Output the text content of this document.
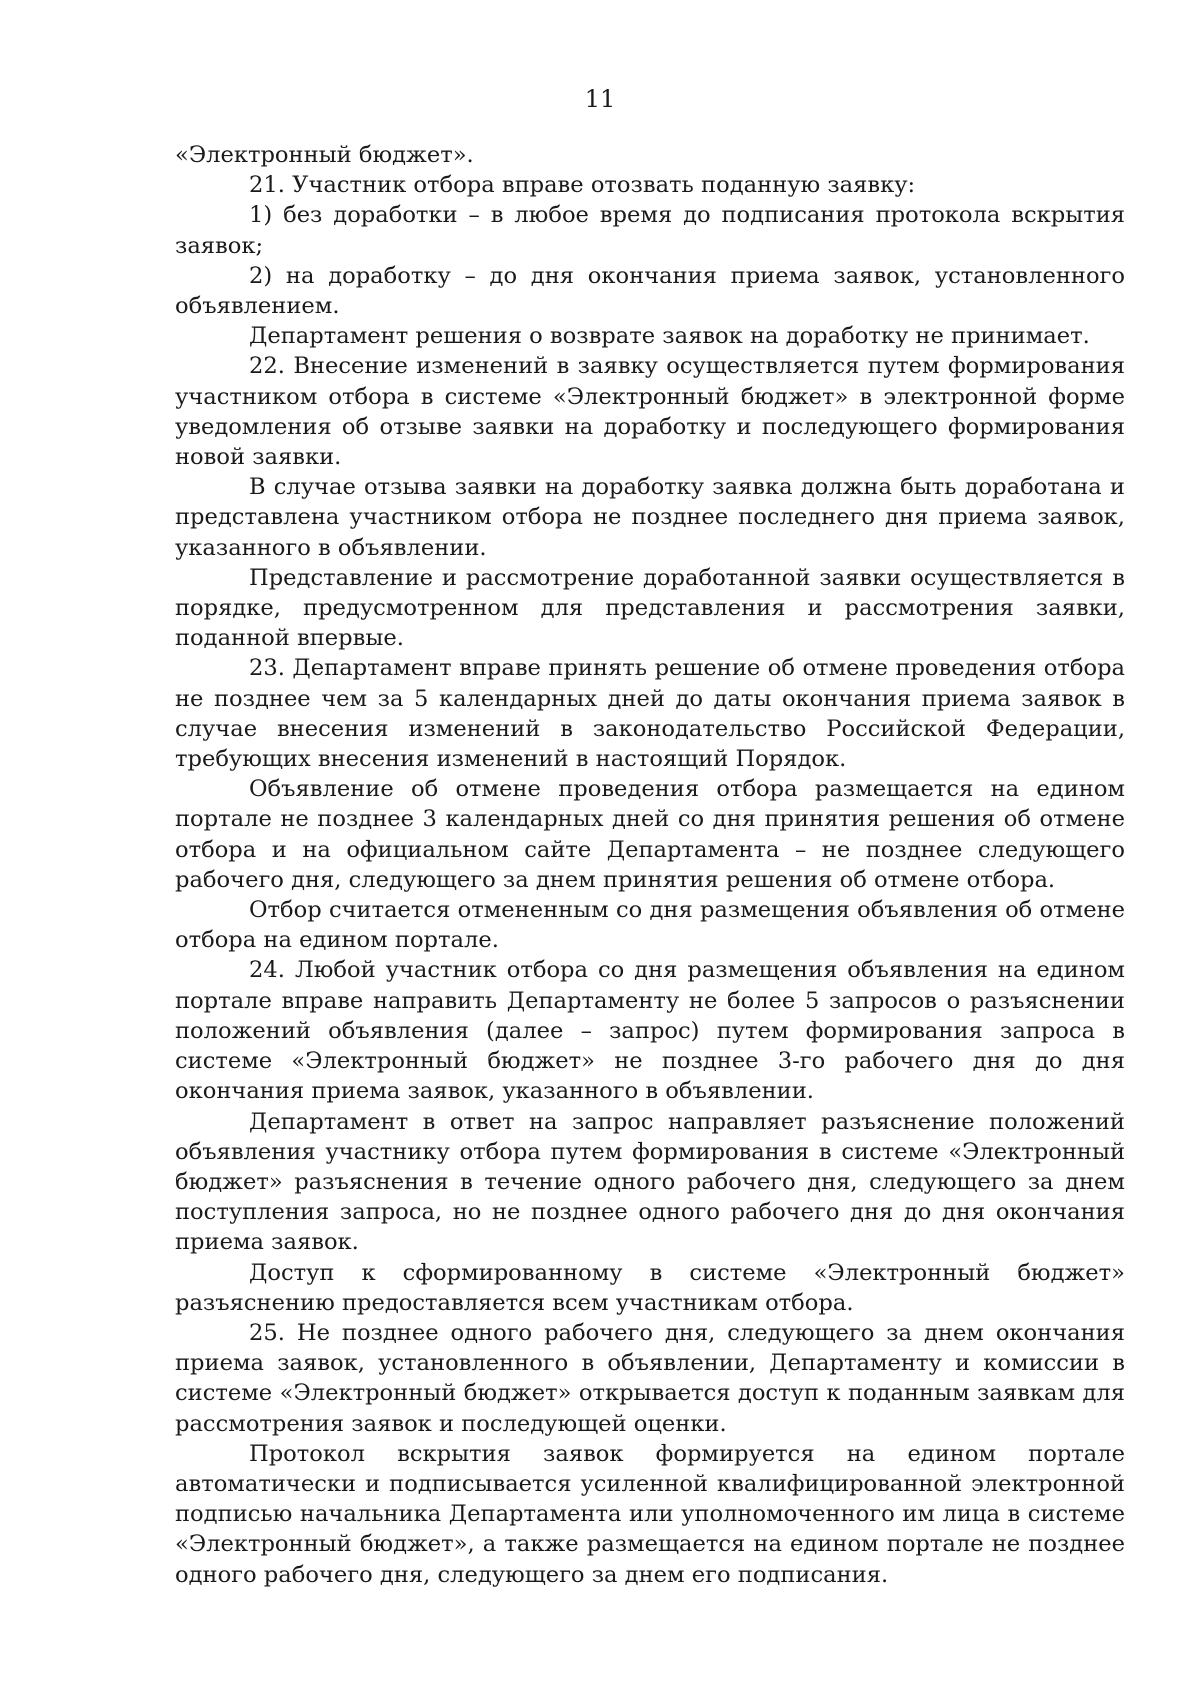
11

«Электронный бюджет».

21. Участник отбора вправе отозвать поданную заявку:

1) без доработки – в любое время до подписания протокола вскрытия заявок;

2) на доработку – до дня окончания приема заявок, установленного объявлением.

Департамент решения о возврате заявок на доработку не принимает.

22. Внесение изменений в заявку осуществляется путем формирования участником отбора в системе «Электронный бюджет» в электронной форме уведомления об отзыве заявки на доработку и последующего формирования новой заявки.

В случае отзыва заявки на доработку заявка должна быть доработана и представлена участником отбора не позднее последнего дня приема заявок, указанного в объявлении.

Представление и рассмотрение доработанной заявки осуществляется в порядке, предусмотренном для представления и рассмотрения заявки, поданной впервые.

23. Департамент вправе принять решение об отмене проведения отбора не позднее чем за 5 календарных дней до даты окончания приема заявок в случае внесения изменений в законодательство Российской Федерации, требующих внесения изменений в настоящий Порядок.

Объявление об отмене проведения отбора размещается на едином портале не позднее 3 календарных дней со дня принятия решения об отмене отбора и на официальном сайте Департамента – не позднее следующего рабочего дня, следующего за днем принятия решения об отмене отбора.

Отбор считается отмененным со дня размещения объявления об отмене отбора на едином портале.

24. Любой участник отбора со дня размещения объявления на едином портале вправе направить Департаменту не более 5 запросов о разъяснении положений объявления (далее – запрос) путем формирования запроса в системе «Электронный бюджет» не позднее 3-го рабочего дня до дня окончания приема заявок, указанного в объявлении.

Департамент в ответ на запрос направляет разъяснение положений объявления участнику отбора путем формирования в системе «Электронный бюджет» разъяснения в течение одного рабочего дня, следующего за днем поступления запроса, но не позднее одного рабочего дня до дня окончания приема заявок.

Доступ к сформированному в системе «Электронный бюджет» разъяснению предоставляется всем участникам отбора.

25. Не позднее одного рабочего дня, следующего за днем окончания приема заявок, установленного в объявлении, Департаменту и комиссии в системе «Электронный бюджет» открывается доступ к поданным заявкам для рассмотрения заявок и последующей оценки.

Протокол вскрытия заявок формируется на едином портале автоматически и подписывается усиленной квалифицированной электронной подписью начальника Департамента или уполномоченного им лица в системе «Электронный бюджет», а также размещается на едином портале не позднее одного рабочего дня, следующего за днем его подписания.
